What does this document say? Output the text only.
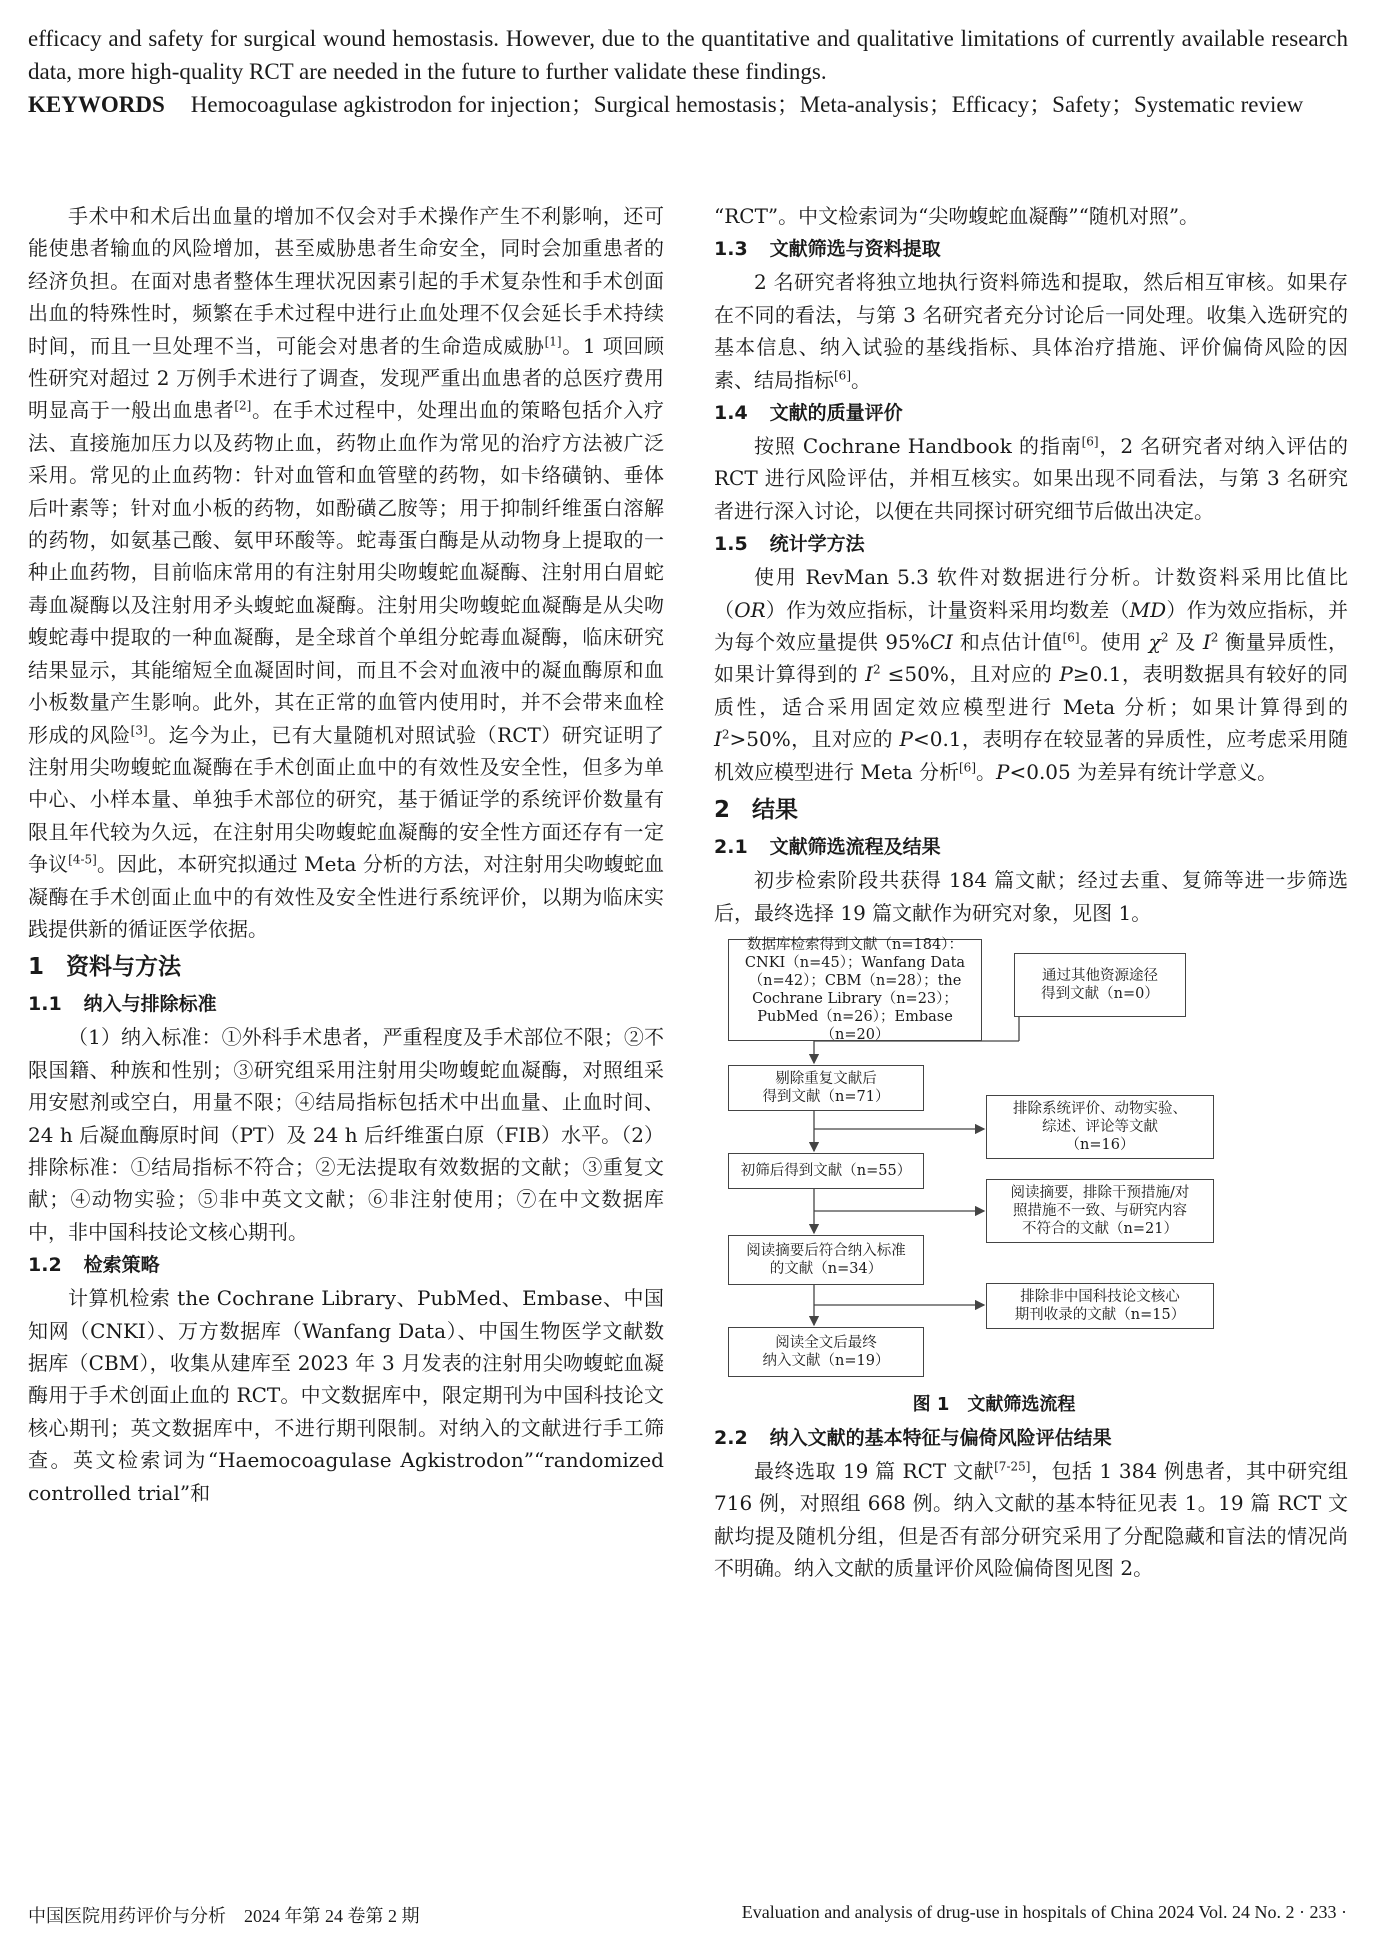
efficacy and safety for surgical wound hemostasis. However, due to the quantitative and qualitative limitations of currently available research data, more high-quality RCT are needed in the future to further validate these findings.
KEYWORDS Hemocoagulase agkistrodon for injection；Surgical hemostasis；Meta-analysis；Efficacy；Safety；Systematic review

手术中和术后出血量的增加不仅会对手术操作产生不利影响，还可能使患者输血的风险增加，甚至威胁患者生命安全，同时会加重患者的经济负担。在面对患者整体生理状况因素引起的手术复杂性和手术创面出血的特殊性时，频繁在手术过程中进行止血处理不仅会延长手术持续时间，而且一旦处理不当，可能会对患者的生命造成威胁[1]。1 项回顾性研究对超过 2 万例手术进行了调查，发现严重出血患者的总医疗费用明显高于一般出血患者[2]。在手术过程中，处理出血的策略包括介入疗法、直接施加压力以及药物止血，药物止血作为常见的治疗方法被广泛采用。常见的止血药物：针对血管和血管壁的药物，如卡络磺钠、垂体后叶素等；针对血小板的药物，如酚磺乙胺等；用于抑制纤维蛋白溶解的药物，如氨基己酸、氨甲环酸等。蛇毒蛋白酶是从动物身上提取的一种止血药物，目前临床常用的有注射用尖吻蝮蛇血凝酶、注射用白眉蛇毒血凝酶以及注射用矛头蝮蛇血凝酶。注射用尖吻蝮蛇血凝酶是从尖吻蝮蛇毒中提取的一种血凝酶，是全球首个单组分蛇毒血凝酶，临床研究结果显示，其能缩短全血凝固时间，而且不会对血液中的凝血酶原和血小板数量产生影响。此外，其在正常的血管内使用时，并不会带来血栓形成的风险[3]。迄今为止，已有大量随机对照试验（RCT）研究证明了注射用尖吻蝮蛇血凝酶在手术创面止血中的有效性及安全性，但多为单中心、小样本量、单独手术部位的研究，基于循证学的系统评价数量有限且年代较为久远，在注射用尖吻蝮蛇血凝酶的安全性方面还存有一定争议[4-5]。因此，本研究拟通过 Meta 分析的方法，对注射用尖吻蝮蛇血凝酶在手术创面止血中的有效性及安全性进行系统评价，以期为临床实践提供新的循证医学依据。

1 资料与方法
1.1 纳入与排除标准

（1）纳入标准：①外科手术患者，严重程度及手术部位不限；②不限国籍、种族和性别；③研究组采用注射用尖吻蝮蛇血凝酶，对照组采用安慰剂或空白，用量不限；④结局指标包括术中出血量、止血时间、24 h 后凝血酶原时间（PT）及 24 h 后纤维蛋白原（FIB）水平。（2）排除标准：①结局指标不符合；②无法提取有效数据的文献；③重复文献；④动物实验；⑤非中英文文献；⑥非注射使用；⑦在中文数据库中，非中国科技论文核心期刊。

1.2 检索策略

计算机检索 the Cochrane Library、PubMed、Embase、中国知网（CNKI）、万方数据库（Wanfang Data）、中国生物医学文献数据库（CBM），收集从建库至 2023 年 3 月发表的注射用尖吻蝮蛇血凝酶用于手术创面止血的 RCT。中文数据库中，限定期刊为中国科技论文核心期刊；英文数据库中，不进行期刊限制。对纳入的文献进行手工筛查。英文检索词为“Haemocoagulase Agkistrodon”“randomized controlled trial”和

“RCT”。中文检索词为“尖吻蝮蛇血凝酶”“随机对照”。

1.3 文献筛选与资料提取

2 名研究者将独立地执行资料筛选和提取，然后相互审核。如果存在不同的看法，与第 3 名研究者充分讨论后一同处理。收集入选研究的基本信息、纳入试验的基线指标、具体治疗措施、评价偏倚风险的因素、结局指标[6]。

1.4 文献的质量评价

按照 Cochrane Handbook 的指南[6]，2 名研究者对纳入评估的 RCT 进行风险评估，并相互核实。如果出现不同看法，与第 3 名研究者进行深入讨论，以便在共同探讨研究细节后做出决定。

1.5 统计学方法

使用 RevMan 5.3 软件对数据进行分析。计数资料采用比值比（OR）作为效应指标，计量资料采用均数差（MD）作为效应指标，并为每个效应量提供 95%CI 和点估计值[6]。使用 $\chi^2$ 及 $I^2$ 衡量异质性，如果计算得到的 $I^2 \le 50\%$，且对应的 P≥0.1，表明数据具有较好的同质性，适合采用固定效应模型进行 Meta 分析；如果计算得到的 $I^2>50\%$，且对应的 P<0.1，表明存在较显著的异质性，应考虑采用随机效应模型进行 Meta 分析[6]。P<0.05 为差异有统计学意义。

2 结果
2.1 文献筛选流程及结果

初步检索阶段共获得 184 篇文献；经过去重、复筛等进一步筛选后，最终选择 19 篇文献作为研究对象，见图 1。

数据库检索得到文献（n=184）：
CNKI（n=45）；Wanfang Data
（n=42）；CBM（n=28）；the
Cochrane Library（n=23）；
PubMed（n=26）；Embase（n=20）
通过其他资源途径
得到文献（n=0）
剔除重复文献后
得到文献（n=71）
排除系统评价、动物实验、
综述、评论等文献
（n=16）
初筛后得到文献（n=55）
阅读摘要，排除干预措施/对
照措施不一致、与研究内容
不符合的文献（n=21）
阅读摘要后符合纳入标准
的文献（n=34）
排除非中国科技论文核心
期刊收录的文献（n=15）
阅读全文后最终
纳入文献（n=19）
图 1 文献筛选流程
2.2 纳入文献的基本特征与偏倚风险评估结果

最终选取 19 篇 RCT 文献[7-25]，包括 1 384 例患者，其中研究组 716 例，对照组 668 例。纳入文献的基本特征见表 1。19 篇 RCT 文献均提及随机分组，但是否有部分研究采用了分配隐藏和盲法的情况尚不明确。纳入文献的质量评价风险偏倚图见图 2。

中国医院用药评价与分析　2024 年第 24 卷第 2 期	Evaluation and analysis of drug-use in hospitals of China 2024 Vol. 24 No. 2 · 233 ·
